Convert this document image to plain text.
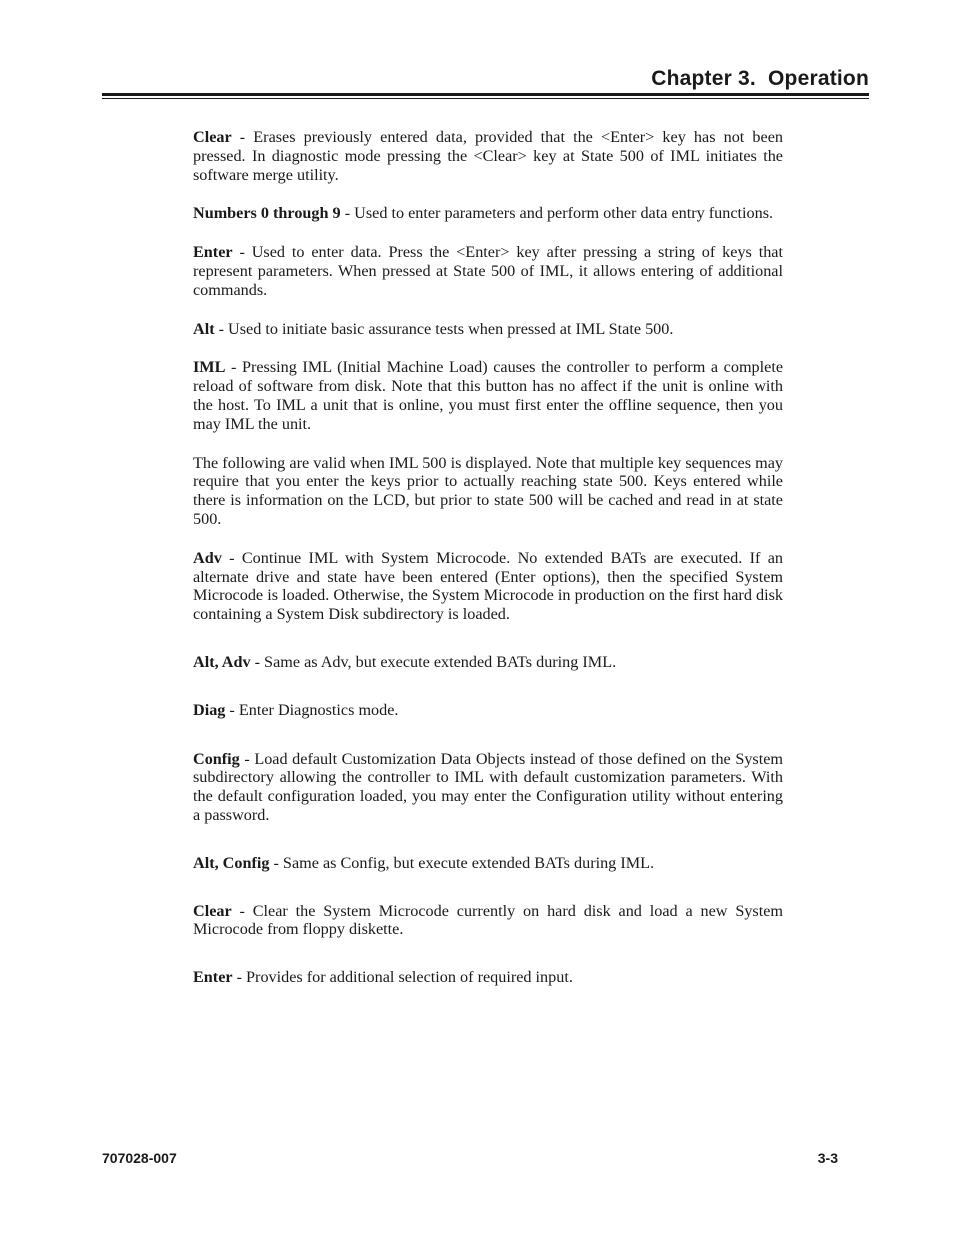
Chapter 3.  Operation

Clear - Erases previously entered data, provided that the <Enter> key has not been pressed. In diagnostic mode pressing the <Clear> key at State 500 of IML initiates the software merge utility.

Numbers 0 through 9 - Used to enter parameters and perform other data entry functions.

Enter - Used to enter data. Press the <Enter> key after pressing a string of keys that represent parameters. When pressed at State 500 of IML, it allows entering of additional commands.

Alt - Used to initiate basic assurance tests when pressed at IML State 500.

IML - Pressing IML (Initial Machine Load) causes the controller to perform a complete reload of software from disk. Note that this button has no affect if the unit is online with the host. To IML a unit that is online, you must first enter the offline sequence, then you may IML the unit.

The following are valid when IML 500 is displayed. Note that multiple key sequences may require that you enter the keys prior to actually reaching state 500. Keys entered while there is information on the LCD, but prior to state 500 will be cached and read in at state 500.

Adv - Continue IML with System Microcode. No extended BATs are executed. If an alternate drive and state have been entered (Enter options), then the specified System Microcode is loaded. Otherwise, the System Microcode in production on the first hard disk containing a System Disk subdirectory is loaded.

Alt, Adv - Same as Adv, but execute extended BATs during IML.

Diag - Enter Diagnostics mode.

Config - Load default Customization Data Objects instead of those defined on the System subdirectory allowing the controller to IML with default customization parameters. With the default configuration loaded, you may enter the Configuration utility without entering a password.

Alt, Config - Same as Config, but execute extended BATs during IML.

Clear - Clear the System Microcode currently on hard disk and load a new System Microcode from floppy diskette.

Enter - Provides for additional selection of required input.

707028-007	3-3
